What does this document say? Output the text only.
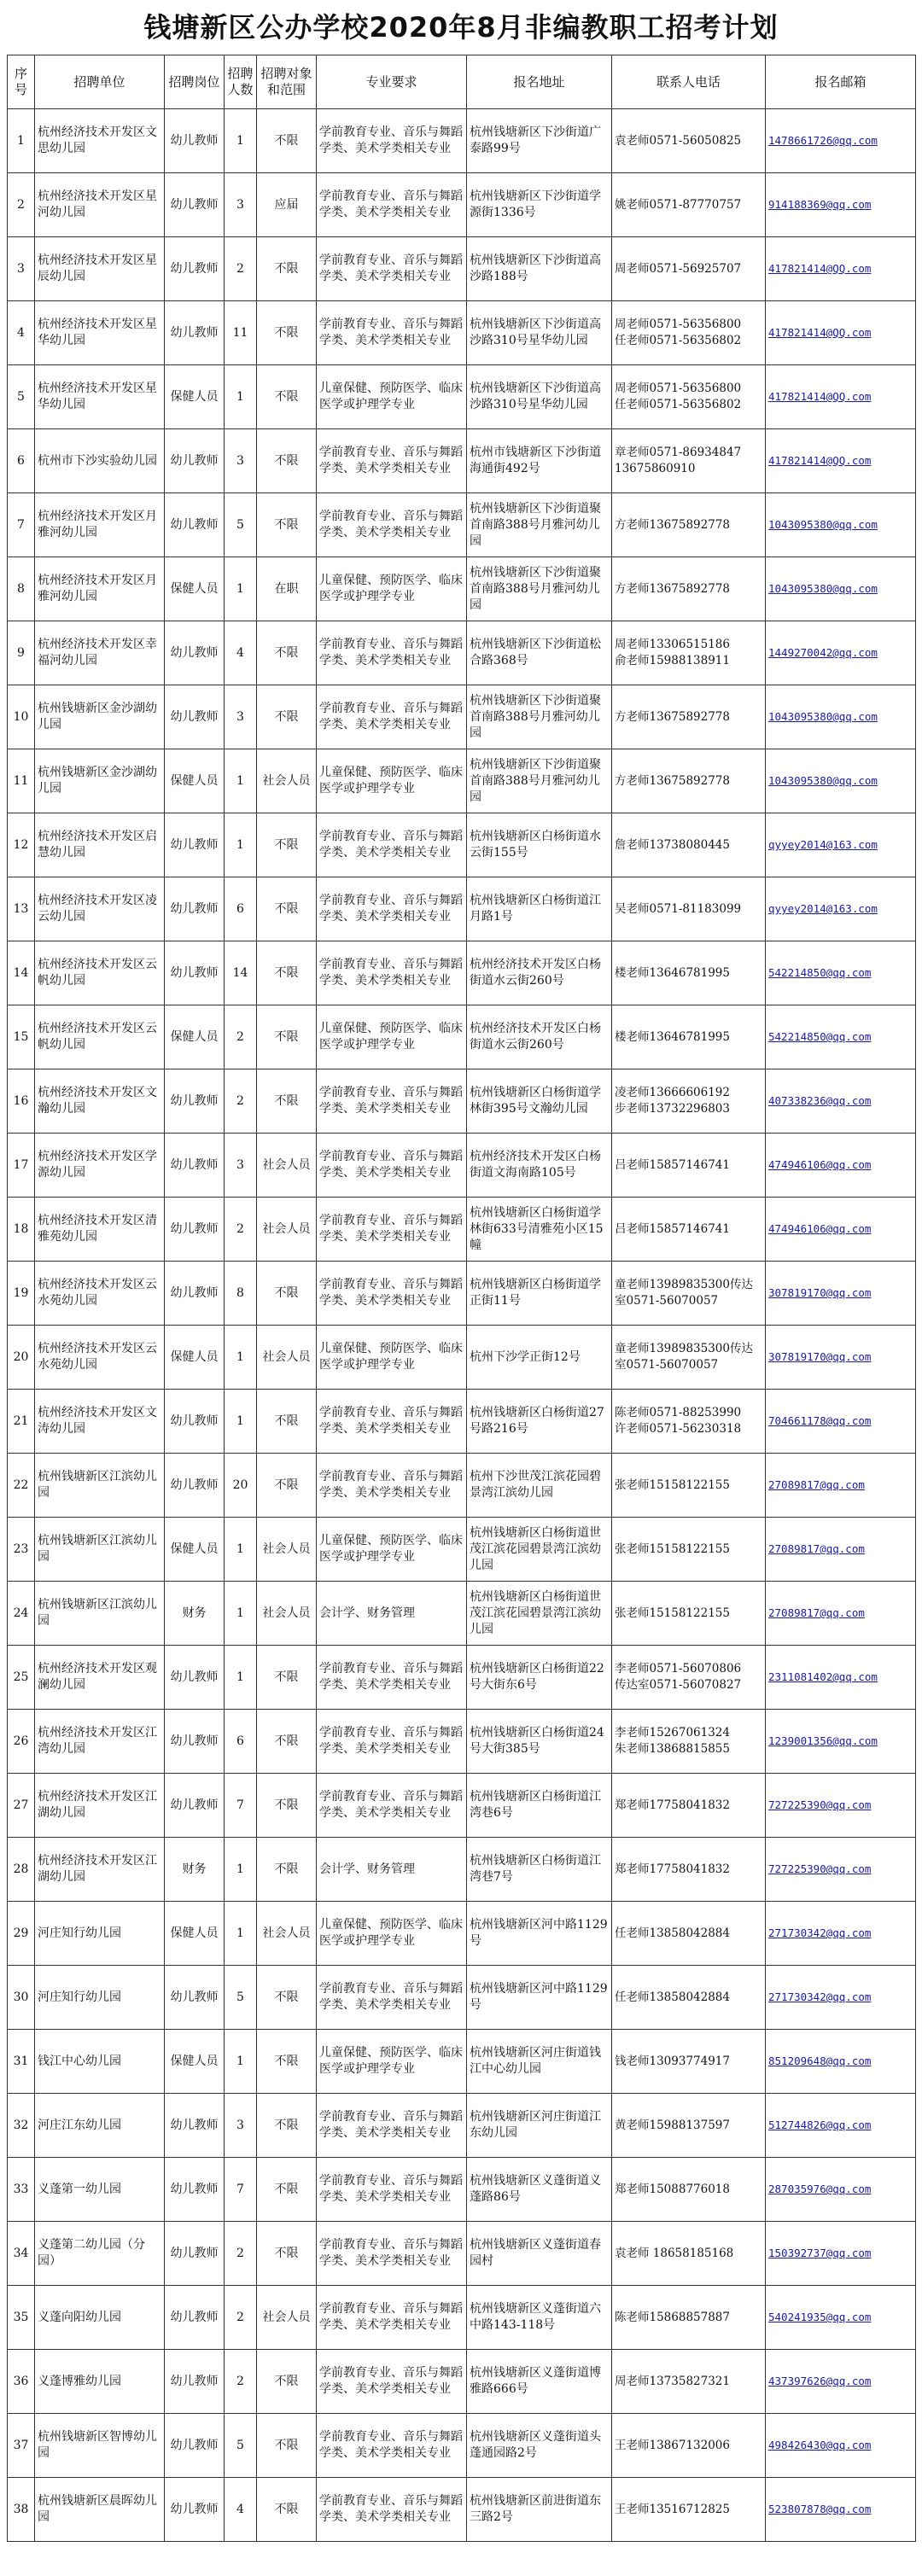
钱塘新区公办学校2020年8月非编教职工招考计划
序号	招聘单位	招聘岗位	招聘人数	招聘对象和范围	专业要求	报名地址	联系人电话	报名邮箱
1	杭州经济技术开发区文思幼儿园	幼儿教师	1	不限	学前教育专业、音乐与舞蹈学类、美术学类相关专业	杭州钱塘新区下沙街道广泰路99号	袁老师0571-56050825	1478661726@qq.com
2	杭州经济技术开发区星河幼儿园	幼儿教师	3	应届	学前教育专业、音乐与舞蹈学类、美术学类相关专业	杭州钱塘新区下沙街道学源街1336号	姚老师0571-87770757	914188369@qq.com
3	杭州经济技术开发区星辰幼儿园	幼儿教师	2	不限	学前教育专业、音乐与舞蹈学类、美术学类相关专业	杭州钱塘新区下沙街道高沙路188号	周老师0571-56925707	417821414@QQ.com
4	杭州经济技术开发区星华幼儿园	幼儿教师	11	不限	学前教育专业、音乐与舞蹈学类、美术学类相关专业	杭州钱塘新区下沙街道高沙路310号星华幼儿园	周老师0571-56356800
任老师0571-56356802	417821414@QQ.com
5	杭州经济技术开发区星华幼儿园	保健人员	1	不限	儿童保健、预防医学、临床医学或护理学专业	杭州钱塘新区下沙街道高沙路310号星华幼儿园	周老师0571-56356800
任老师0571-56356802	417821414@QQ.com
6	杭州市下沙实验幼儿园	幼儿教师	3	不限	学前教育专业、音乐与舞蹈学类、美术学类相关专业	杭州市钱塘新区下沙街道海通街492号	章老师0571-86934847
13675860910	417821414@QQ.com
7	杭州经济技术开发区月雅河幼儿园	幼儿教师	5	不限	学前教育专业、音乐与舞蹈学类、美术学类相关专业	杭州钱塘新区下沙街道聚首南路388号月雅河幼儿园	方老师13675892778	1043095380@qq.com
8	杭州经济技术开发区月雅河幼儿园	保健人员	1	在职	儿童保健、预防医学、临床医学或护理学专业	杭州钱塘新区下沙街道聚首南路388号月雅河幼儿园	方老师13675892778	1043095380@qq.com
9	杭州经济技术开发区幸福河幼儿园	幼儿教师	4	不限	学前教育专业、音乐与舞蹈学类、美术学类相关专业	杭州钱塘新区下沙街道松合路368号	周老师13306515186
俞老师15988138911	1449270042@qq.com
10	杭州钱塘新区金沙湖幼儿园	幼儿教师	3	不限	学前教育专业、音乐与舞蹈学类、美术学类相关专业	杭州钱塘新区下沙街道聚首南路388号月雅河幼儿园	方老师13675892778	1043095380@qq.com
11	杭州钱塘新区金沙湖幼儿园	保健人员	1	社会人员	儿童保健、预防医学、临床医学或护理学专业	杭州钱塘新区下沙街道聚首南路388号月雅河幼儿园	方老师13675892778	1043095380@qq.com
12	杭州经济技术开发区启慧幼儿园	幼儿教师	1	不限	学前教育专业、音乐与舞蹈学类、美术学类相关专业	杭州钱塘新区白杨街道水云街155号	詹老师13738080445	qyyey2014@163.com
13	杭州经济技术开发区凌云幼儿园	幼儿教师	6	不限	学前教育专业、音乐与舞蹈学类、美术学类相关专业	杭州钱塘新区白杨街道江月路1号	吴老师0571-81183099	qyyey2014@163.com
14	杭州经济技术开发区云帆幼儿园	幼儿教师	14	不限	学前教育专业、音乐与舞蹈学类、美术学类相关专业	杭州经济技术开发区白杨街道水云街260号	楼老师13646781995	542214850@qq.com
15	杭州经济技术开发区云帆幼儿园	保健人员	2	不限	儿童保健、预防医学、临床医学或护理学专业	杭州经济技术开发区白杨街道水云街260号	楼老师13646781995	542214850@qq.com
16	杭州经济技术开发区文瀚幼儿园	幼儿教师	2	不限	学前教育专业、音乐与舞蹈学类、美术学类相关专业	杭州钱塘新区白杨街道学林街395号文瀚幼儿园	凌老师13666606192
步老师13732296803	407338236@qq.com
17	杭州经济技术开发区学源幼儿园	幼儿教师	3	社会人员	学前教育专业、音乐与舞蹈学类、美术学类相关专业	杭州经济技术开发区白杨街道文海南路105号	吕老师15857146741	474946106@qq.com
18	杭州经济技术开发区清雅苑幼儿园	幼儿教师	2	社会人员	学前教育专业、音乐与舞蹈学类、美术学类相关专业	杭州钱塘新区白杨街道学林街633号清雅苑小区15幢	吕老师15857146741	474946106@qq.com
19	杭州经济技术开发区云水苑幼儿园	幼儿教师	8	不限	学前教育专业、音乐与舞蹈学类、美术学类相关专业	杭州钱塘新区白杨街道学正街11号	童老师13989835300传达室0571-56070057	307819170@qq.com
20	杭州经济技术开发区云水苑幼儿园	保健人员	1	社会人员	儿童保健、预防医学、临床医学或护理学专业	杭州下沙学正街12号	童老师13989835300传达室0571-56070057	307819170@qq.com
21	杭州经济技术开发区文涛幼儿园	幼儿教师	1	不限	学前教育专业、音乐与舞蹈学类、美术学类相关专业	杭州钱塘新区白杨街道27号路216号	陈老师0571-88253990
许老师0571-56230318	704661178@qq.com
22	杭州钱塘新区江滨幼儿园	幼儿教师	20	不限	学前教育专业、音乐与舞蹈学类、美术学类相关专业	杭州下沙世茂江滨花园碧景湾江滨幼儿园	张老师15158122155	27089817@qq.com
23	杭州钱塘新区江滨幼儿园	保健人员	1	社会人员	儿童保健、预防医学、临床医学或护理学专业	杭州钱塘新区白杨街道世茂江滨花园碧景湾江滨幼儿园	张老师15158122155	27089817@qq.com
24	杭州钱塘新区江滨幼儿园	财务	1	社会人员	会计学、财务管理	杭州钱塘新区白杨街道世茂江滨花园碧景湾江滨幼儿园	张老师15158122155	27089817@qq.com
25	杭州经济技术开发区观澜幼儿园	幼儿教师	1	不限	学前教育专业、音乐与舞蹈学类、美术学类相关专业	杭州钱塘新区白杨街道22号大街东6号	李老师0571-56070806
传达室0571-56070827	2311081402@qq.com
26	杭州经济技术开发区江湾幼儿园	幼儿教师	6	不限	学前教育专业、音乐与舞蹈学类、美术学类相关专业	杭州钱塘新区白杨街道24号大街385号	李老师15267061324
朱老师13868815855	1239001356@qq.com
27	杭州经济技术开发区江湖幼儿园	幼儿教师	7	不限	学前教育专业、音乐与舞蹈学类、美术学类相关专业	杭州钱塘新区白杨街道江湾巷6号	郑老师17758041832	727225390@qq.com
28	杭州经济技术开发区江湖幼儿园	财务	1	不限	会计学、财务管理	杭州钱塘新区白杨街道江湾巷7号	郑老师17758041832	727225390@qq.com
29	河庄知行幼儿园	保健人员	1	社会人员	儿童保健、预防医学、临床医学或护理学专业	杭州钱塘新区河中路1129号	任老师13858042884	271730342@qq.com
30	河庄知行幼儿园	幼儿教师	5	不限	学前教育专业、音乐与舞蹈学类、美术学类相关专业	杭州钱塘新区河中路1129号	任老师13858042884	271730342@qq.com
31	钱江中心幼儿园	保健人员	1	不限	儿童保健、预防医学、临床医学或护理学专业	杭州钱塘新区河庄街道钱江中心幼儿园	钱老师13093774917	851209648@qq.com
32	河庄江东幼儿园	幼儿教师	3	不限	学前教育专业、音乐与舞蹈学类、美术学类相关专业	杭州钱塘新区河庄街道江东幼儿园	黄老师15988137597	512744826@qq.com
33	义蓬第一幼儿园	幼儿教师	7	不限	学前教育专业、音乐与舞蹈学类、美术学类相关专业	杭州钱塘新区义蓬街道义蓬路86号	郑老师15088776018	287035976@qq.com
34	义蓬第二幼儿园（分园）	幼儿教师	2	不限	学前教育专业、音乐与舞蹈学类、美术学类相关专业	杭州钱塘新区义蓬街道春园村	袁老师 18658185168	150392737@qq.com
35	义蓬向阳幼儿园	幼儿教师	2	社会人员	学前教育专业、音乐与舞蹈学类、美术学类相关专业	杭州钱塘新区义蓬街道六中路143-118号	陈老师15868857887	540241935@qq.com
36	义蓬博雅幼儿园	幼儿教师	2	不限	学前教育专业、音乐与舞蹈学类、美术学类相关专业	杭州钱塘新区义蓬街道博雅路666号	周老师13735827321	437397626@qq.com
37	杭州钱塘新区智博幼儿园	幼儿教师	5	不限	学前教育专业、音乐与舞蹈学类、美术学类相关专业	杭州钱塘新区义蓬街道头蓬通园路2号	王老师13867132006	498426430@qq.com
38	杭州钱塘新区晨晖幼儿园	幼儿教师	4	不限	学前教育专业、音乐与舞蹈学类、美术学类相关专业	杭州钱塘新区前进街道东三路2号	王老师13516712825	523807878@qq.com
